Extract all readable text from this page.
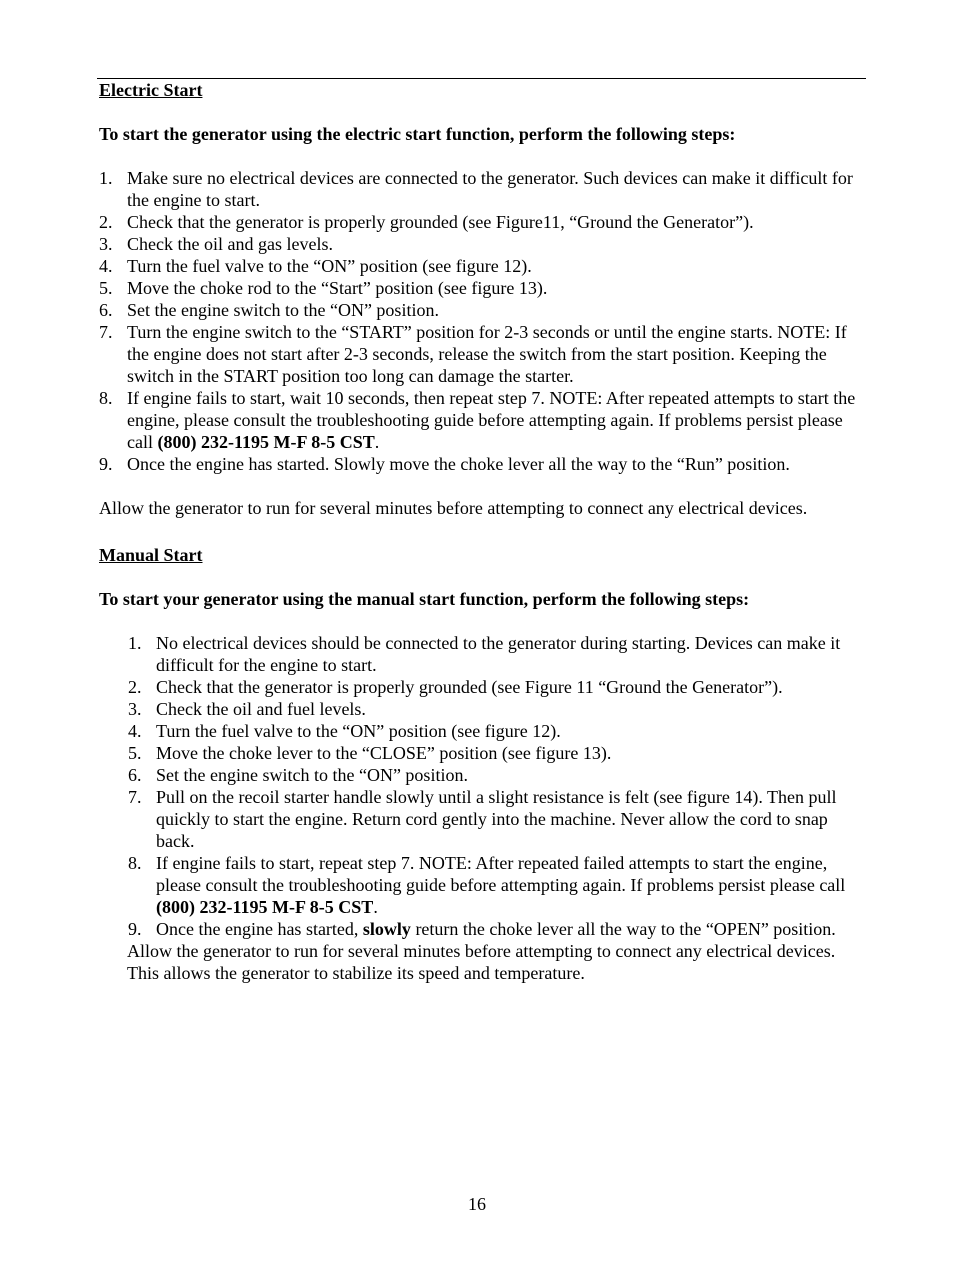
Electric Start

To start the generator using the electric start function, perform the following steps:

1. Make sure no electrical devices are connected to the generator. Such devices can make it difficult for the engine to start.
2. Check that the generator is properly grounded (see Figure11, “Ground the Generator”).
3. Check the oil and gas levels.
4. Turn the fuel valve to the “ON” position (see figure 12).
5. Move the choke rod to the “Start” position (see figure 13).
6. Set the engine switch to the “ON” position.
7. Turn the engine switch to the “START” position for 2-3 seconds or until the engine starts. NOTE: If the engine does not start after 2-3 seconds, release the switch from the start position. Keeping the switch in the START position too long can damage the starter.
8. If engine fails to start, wait 10 seconds, then repeat step 7. NOTE: After repeated attempts to start the engine, please consult the troubleshooting guide before attempting again. If problems persist please call (800) 232-1195 M-F 8-5 CST.
9. Once the engine has started. Slowly move the choke lever all the way to the “Run” position.

Allow the generator to run for several minutes before attempting to connect any electrical devices.

Manual Start

To start your generator using the manual start function, perform the following steps:

1. No electrical devices should be connected to the generator during starting. Devices can make it difficult for the engine to start.
2. Check that the generator is properly grounded (see Figure 11 “Ground the Generator”).
3. Check the oil and fuel levels.
4. Turn the fuel valve to the “ON” position (see figure 12).
5. Move the choke lever to the “CLOSE” position (see figure 13).
6. Set the engine switch to the “ON” position.
7. Pull on the recoil starter handle slowly until a slight resistance is felt (see figure 14). Then pull quickly to start the engine. Return cord gently into the machine. Never allow the cord to snap back.
8. If engine fails to start, repeat step 7. NOTE: After repeated failed attempts to start the engine, please consult the troubleshooting guide before attempting again. If problems persist please call (800) 232-1195 M-F 8-5 CST.
9. Once the engine has started, slowly return the choke lever all the way to the “OPEN” position.

Allow the generator to run for several minutes before attempting to connect any electrical devices. This allows the generator to stabilize its speed and temperature.

16
